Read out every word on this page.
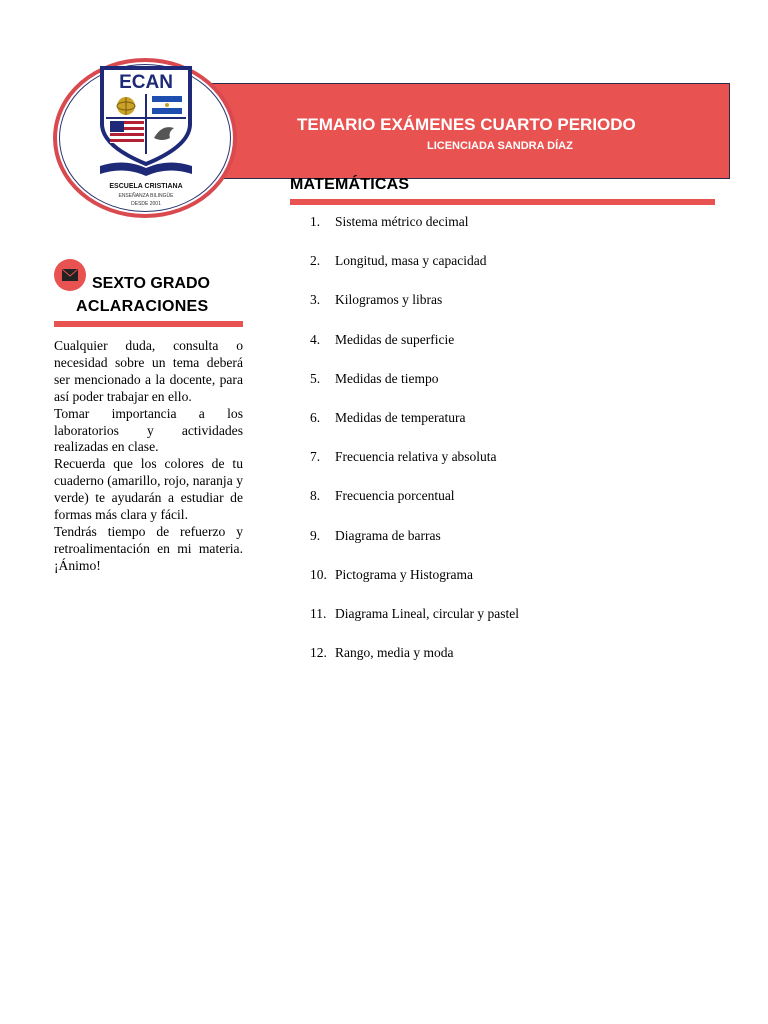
TEMARIO EXÁMENES CUARTO PERIODO
LICENCIADA SANDRA DÍAZ
ECAN
ESCUELA CRISTIANA
ENSEÑANZA BILINGÜE
DESDE 2001
MATEMÁTICAS
1.	Sistema métrico decimal
2.	Longitud, masa y capacidad
3.	Kilogramos y libras
4.	Medidas de superficie
5.	Medidas de tiempo
6.	Medidas de temperatura
7.	Frecuencia relativa y absoluta
8.	Frecuencia porcentual
9.	Diagrama de barras
10. Pictograma y Histograma
11. Diagrama Lineal, circular y pastel
12. Rango, media y moda
SEXTO GRADO
ACLARACIONES

Cualquier duda, consulta o necesidad sobre un tema deberá ser mencionado a la docente, para así poder trabajar en ello.

Tomar importancia a los laboratorios y actividades realizadas en clase.

Recuerda que los colores de tu cuaderno (amarillo, rojo, naranja y verde) te ayudarán a estudiar de formas más clara y fácil.

Tendrás tiempo de refuerzo y retroalimentación en mi materia. ¡Ánimo!
